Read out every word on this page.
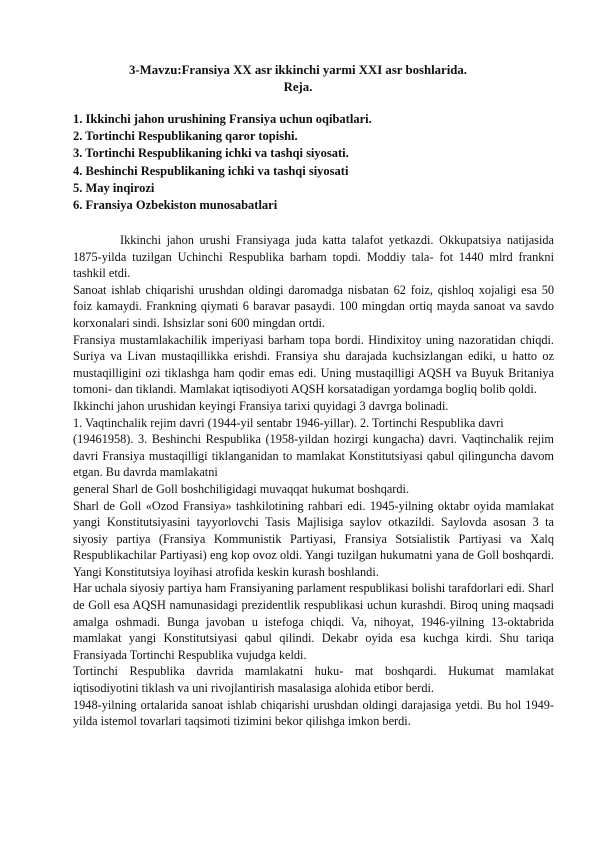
3-Mavzu:Fransiya XX asr ikkinchi yarmi XXI asr boshlarida.
Reja.
1. Ikkinchi jahon urushining Fransiya uchun oqibatlari.
2. Tortinchi Respublikaning qaror topishi.
3. Tortinchi Respublikaning ichki va tashqi siyosati.
4. Beshinchi Respublikaning ichki va tashqi siyosati
5. May inqirozi
6. Fransiya Ozbekiston munosabatlari

Ikkinchi jahon urushi Fransiyaga juda katta talafot yetkazdi. Okkupatsiya natijasida 1875-yilda tuzilgan Uchinchi Respublika barham topdi. Moddiy tala- fot 1440 mlrd frankni tashkil etdi.

Sanoat ishlab chiqarishi urushdan oldingi daromadga nisbatan 62 foiz, qishloq xojaligi esa 50 foiz kamaydi. Frankning qiymati 6 baravar pasaydi. 100 mingdan ortiq mayda sanoat va savdo korxonalari sindi. Ishsizlar soni 600 mingdan ortdi.

Fransiya mustamlakachilik imperiyasi barham topa bordi. Hindixitoy uning nazoratidan chiqdi. Suriya va Livan mustaqillikka erishdi. Fransiya shu darajada kuchsizlangan ediki, u hatto oz mustaqilligini ozi tiklashga ham qodir emas edi. Uning mustaqilligi AQSH va Buyuk Britaniya tomoni- dan tiklandi. Mamlakat iqtisodiyoti AQSH korsatadigan yordamga bogliq bolib qoldi.

Ikkinchi jahon urushidan keyingi Fransiya tarixi quyidagi 3 davrga bolinadi.

1. Vaqtinchalik rejim davri (1944-yil sentabr 1946-yillar). 2. Tortinchi Respublika davri

(19461958). 3. Beshinchi Respublika (1958-yildan hozirgi kungacha) davri. Vaqtinchalik rejim davri Fransiya mustaqilligi tiklanganidan to mamlakat Konstitutsiyasi qabul qilinguncha davom etgan. Bu davrda mamlakatni

general Sharl de Goll boshchiligidagi muvaqqat hukumat boshqardi.

Sharl de Goll «Ozod Fransiya» tashkilotining rahbari edi. 1945-yilning oktabr oyida mamlakat yangi Konstitutsiyasini tayyorlovchi Tasis Majlisiga saylov otkazildi. Saylovda asosan 3 ta siyosiy partiya (Fransiya Kommunistik Partiyasi, Fransiya Sotsialistik Partiyasi va Xalq Respublikachilar Partiyasi) eng kop ovoz oldi. Yangi tuzilgan hukumatni yana de Goll boshqardi. Yangi Konstitutsiya loyihasi atrofida keskin kurash boshlandi.

Har uchala siyosiy partiya ham Fransiyaning parlament respublikasi bolishi tarafdorlari edi. Sharl de Goll esa AQSH namunasidagi prezidentlik respublikasi uchun kurashdi. Biroq uning maqsadi amalga oshmadi. Bunga javoban u istefoga chiqdi. Va, nihoyat, 1946-yilning 13-oktabrida mamlakat yangi Konstitutsiyasi qabul qilindi. Dekabr oyida esa kuchga kirdi. Shu tariqa Fransiyada Tortinchi Respublika vujudga keldi.

Tortinchi Respublika davrida mamlakatni huku- mat boshqardi. Hukumat mamlakat iqtisodiyotini tiklash va uni rivojlantirish masalasiga alohida etibor berdi.

1948-yilning ortalarida sanoat ishlab chiqarishi urushdan oldingi darajasiga yetdi. Bu hol 1949-yilda istemol tovarlari taqsimoti tizimini bekor qilishga imkon berdi.
